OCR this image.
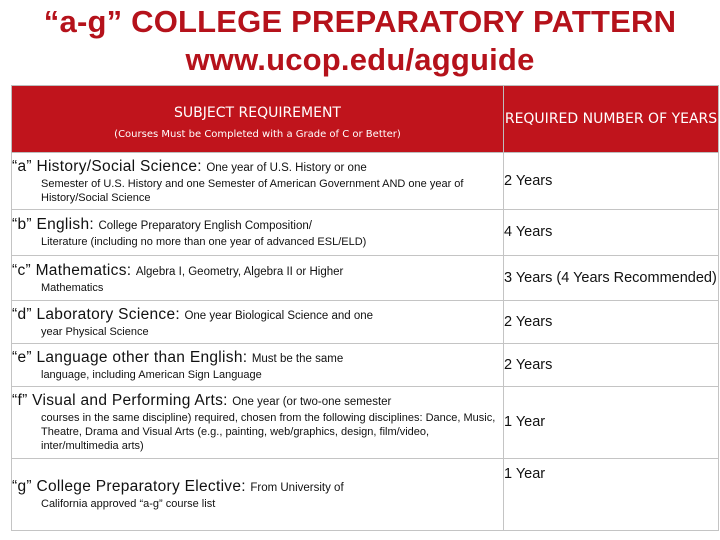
“a-g” COLLEGE PREPARATORY PATTERN
www.ucop.edu/agguide
SUBJECT REQUIREMENT
(Courses Must be Completed with a Grade of C or Better)	REQUIRED NUMBER OF YEARS
“a” History/Social Science: One year of U.S. History or one
Semester of U.S. History and one Semester of American Government AND one year of History/Social Science	2 Years
“b” English: College Preparatory English Composition/
Literature (including no more than one year of advanced ESL/ELD)	4 Years
“c” Mathematics: Algebra I, Geometry, Algebra II or Higher
Mathematics	3 Years (4 Years Recommended)
“d” Laboratory Science: One year Biological Science and one
year Physical Science	2 Years
“e” Language other than English: Must be the same
language, including American Sign Language	2 Years
“f” Visual and Performing Arts: One year (or two-one semester
courses in the same discipline) required, chosen from the following disciplines: Dance, Music, Theatre, Drama and Visual Arts (e.g., painting, web/graphics, design, film/video, inter/multimedia arts)	1 Year
“g” College Preparatory Elective: From University of
California approved “a-g” course list	1 Year
